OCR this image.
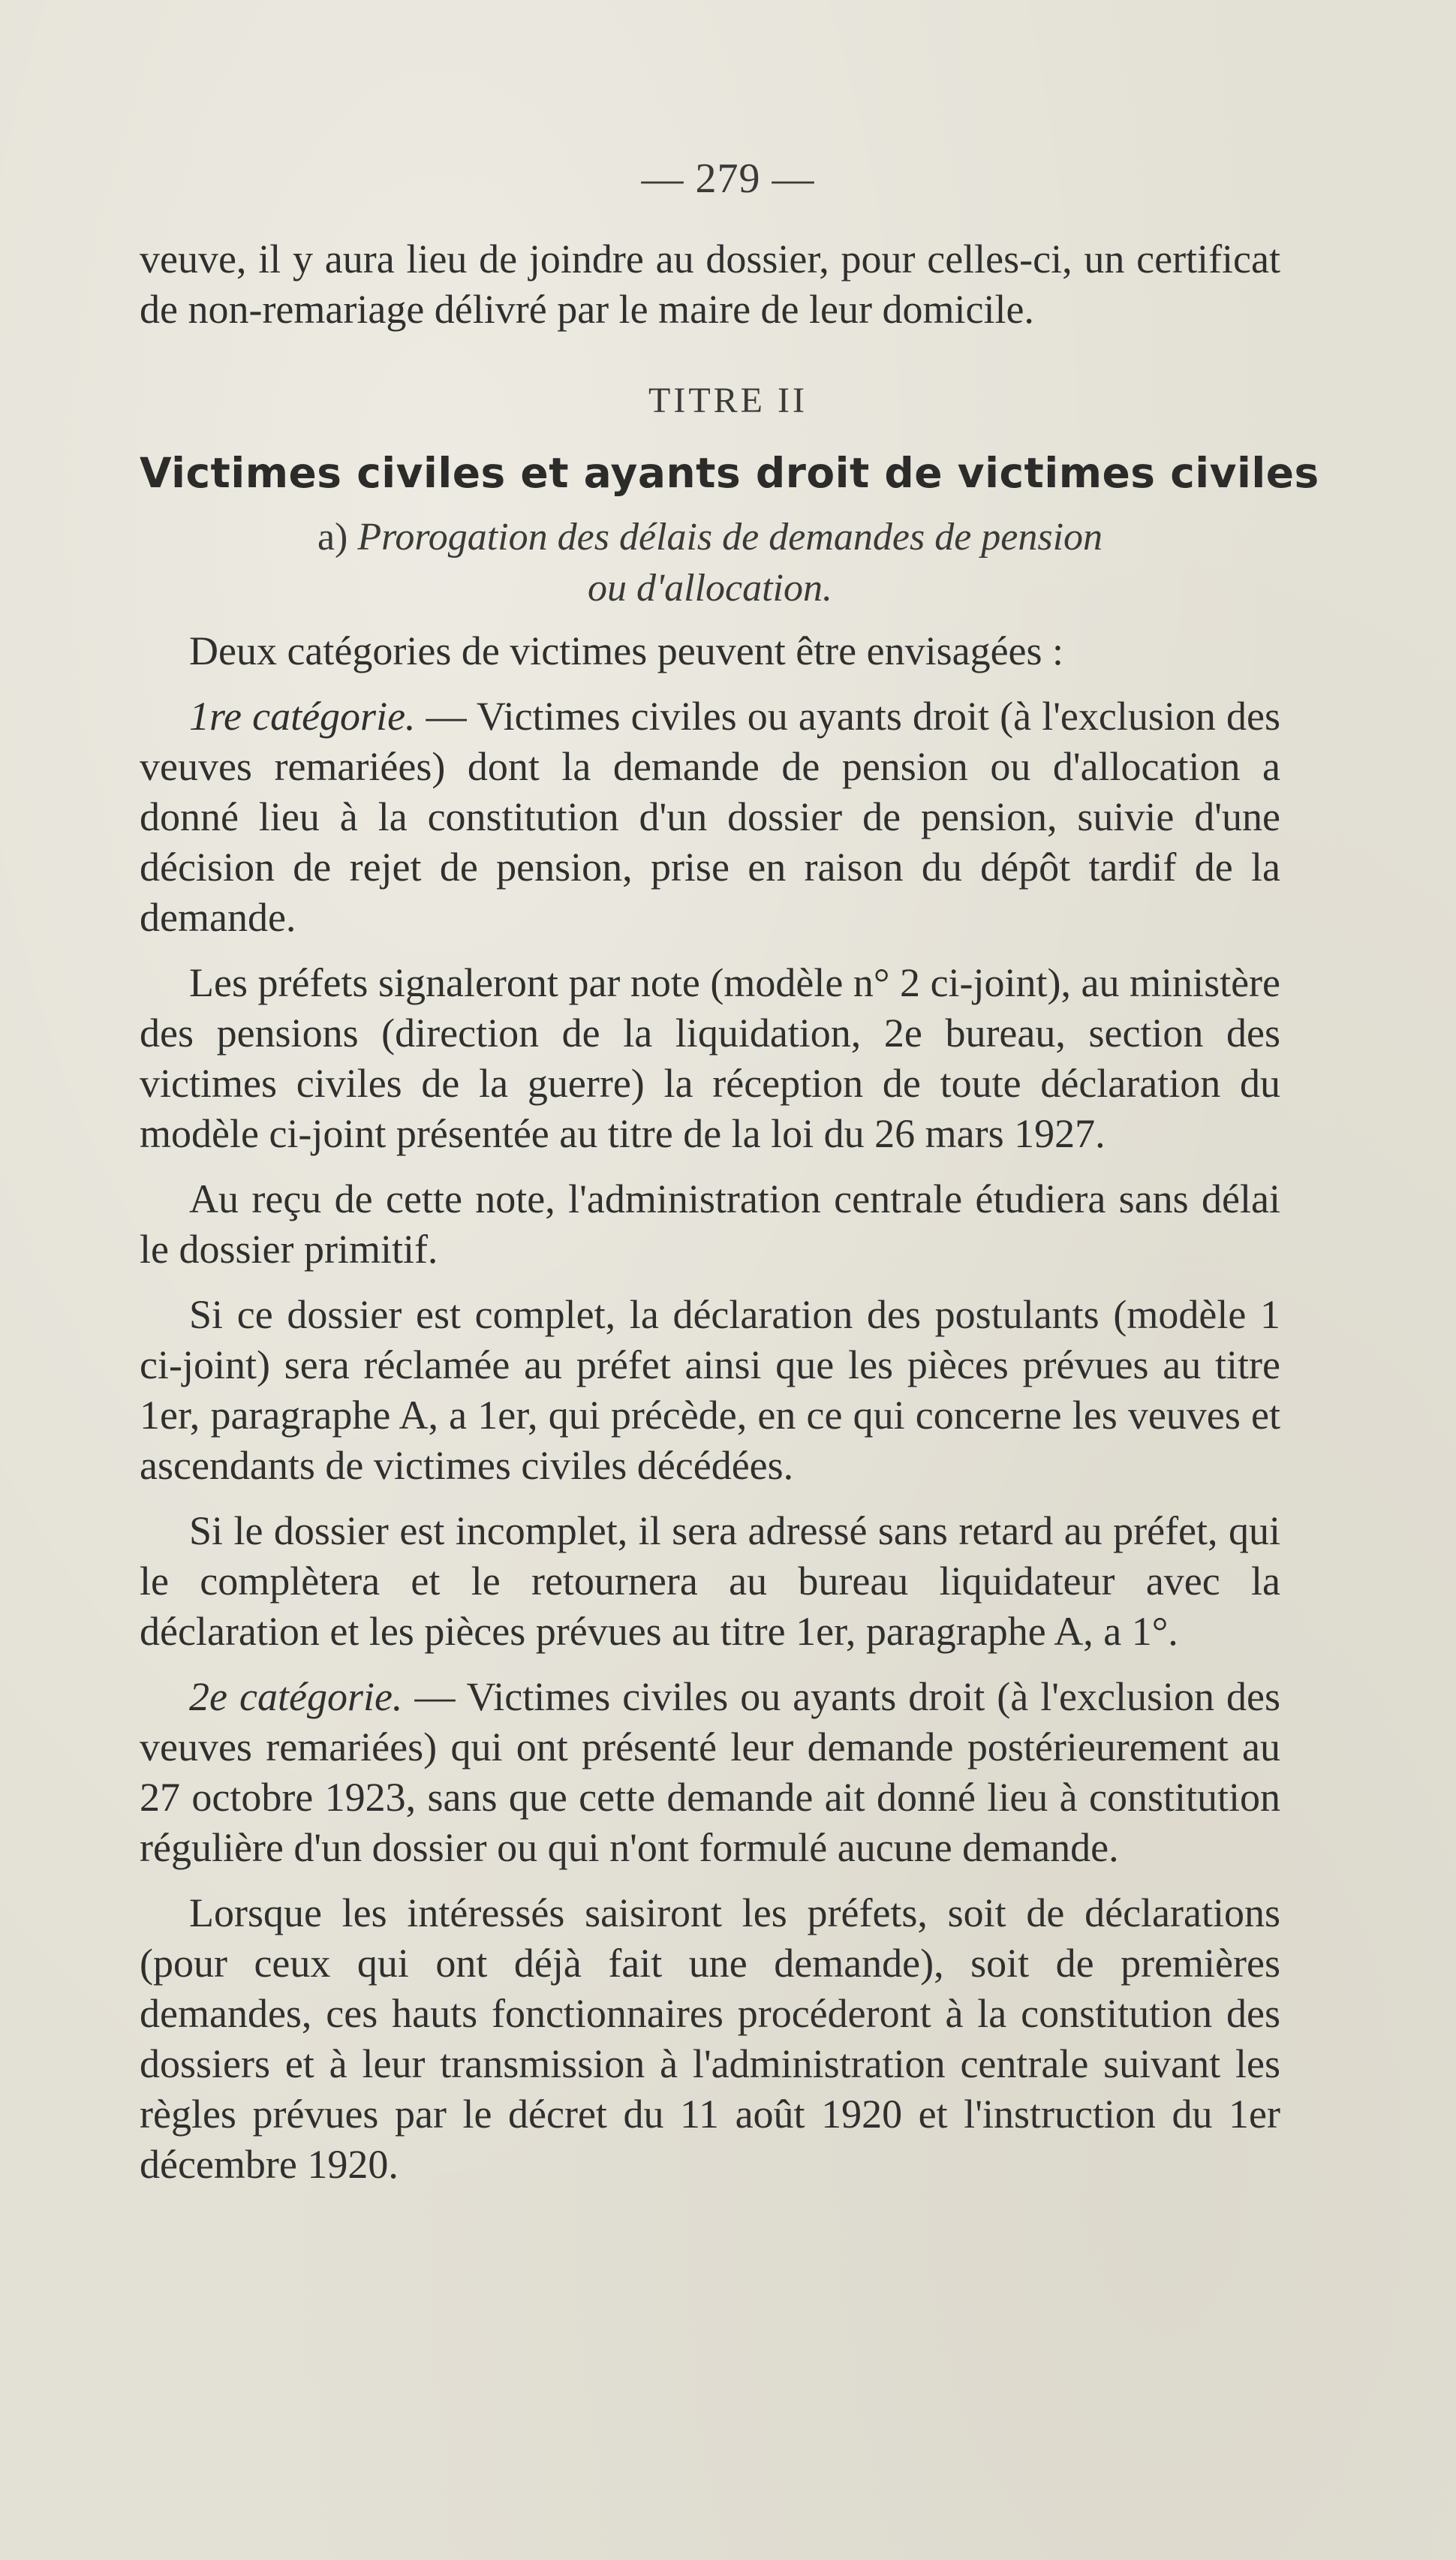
— 279 —

veuve, il y aura lieu de joindre au dossier, pour celles-ci, un certificat de non-remariage délivré par le maire de leur domicile.

TITRE II
Victimes civiles et ayants droit de victimes civiles
a) Prorogation des délais de demandes de pension
ou d'allocation.

Deux catégories de victimes peuvent être envisagées :

1re catégorie. — Victimes civiles ou ayants droit (à l'exclusion des veuves remariées) dont la demande de pension ou d'allocation a donné lieu à la constitution d'un dossier de pension, suivie d'une décision de rejet de pension, prise en raison du dépôt tardif de la demande.

Les préfets signaleront par note (modèle n° 2 ci-joint), au ministère des pensions (direction de la liquidation, 2e bureau, section des victimes civiles de la guerre) la réception de toute déclaration du modèle ci-joint présentée au titre de la loi du 26 mars 1927.

Au reçu de cette note, l'administration centrale étudiera sans délai le dossier primitif.

Si ce dossier est complet, la déclaration des postulants (modèle 1 ci-joint) sera réclamée au préfet ainsi que les pièces prévues au titre 1er, paragraphe A, a 1er, qui précède, en ce qui concerne les veuves et ascendants de victimes civiles décédées.

Si le dossier est incomplet, il sera adressé sans retard au préfet, qui le complètera et le retournera au bureau liquidateur avec la déclaration et les pièces prévues au titre 1er, paragraphe A, a 1°.

2e catégorie. — Victimes civiles ou ayants droit (à l'exclusion des veuves remariées) qui ont présenté leur demande postérieurement au 27 octobre 1923, sans que cette demande ait donné lieu à constitution régulière d'un dossier ou qui n'ont formulé aucune demande.

Lorsque les intéressés saisiront les préfets, soit de déclarations (pour ceux qui ont déjà fait une demande), soit de premières demandes, ces hauts fonctionnaires procéderont à la constitution des dossiers et à leur transmission à l'administration centrale suivant les règles prévues par le décret du 11 août 1920 et l'instruction du 1er décembre 1920.
